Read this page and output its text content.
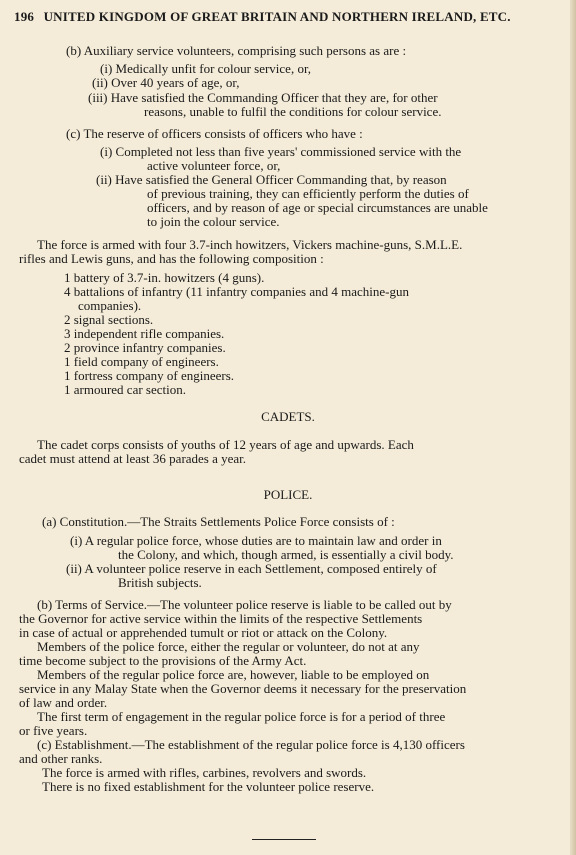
196 UNITED KINGDOM OF GREAT BRITAIN AND NORTHERN IRELAND, ETC.
(b) Auxiliary service volunteers, comprising such persons as are :
(i) Medically unfit for colour service, or,
(ii) Over 40 years of age, or,
(iii) Have satisfied the Commanding Officer that they are, for other
reasons, unable to fulfil the conditions for colour service.
(c) The reserve of officers consists of officers who have :
(i) Completed not less than five years' commissioned service with the
active volunteer force, or,
(ii) Have satisfied the General Officer Commanding that, by reason
of previous training, they can efficiently perform the duties of
officers, and by reason of age or special circumstances are unable
to join the colour service.
The force is armed with four 3.7-inch howitzers, Vickers machine-guns, S.M.L.E.
rifles and Lewis guns, and has the following composition :
1 battery of 3.7-in. howitzers (4 guns).
4 battalions of infantry (11 infantry companies and 4 machine-gun
companies).
2 signal sections.
3 independent rifle companies.
2 province infantry companies.
1 field company of engineers.
1 fortress company of engineers.
1 armoured car section.
CADETS.
The cadet corps consists of youths of 12 years of age and upwards. Each
cadet must attend at least 36 parades a year.
POLICE.
(a) Constitution.—The Straits Settlements Police Force consists of :
(i) A regular police force, whose duties are to maintain law and order in
the Colony, and which, though armed, is essentially a civil body.
(ii) A volunteer police reserve in each Settlement, composed entirely of
British subjects.
(b) Terms of Service.—The volunteer police reserve is liable to be called out by
the Governor for active service within the limits of the respective Settlements
in case of actual or apprehended tumult or riot or attack on the Colony.
Members of the police force, either the regular or volunteer, do not at any
time become subject to the provisions of the Army Act.
Members of the regular police force are, however, liable to be employed on
service in any Malay State when the Governor deems it necessary for the preservation
of law and order.
The first term of engagement in the regular police force is for a period of three
or five years.
(c) Establishment.—The establishment of the regular police force is 4,130 officers
and other ranks.
The force is armed with rifles, carbines, revolvers and swords.
There is no fixed establishment for the volunteer police reserve.
